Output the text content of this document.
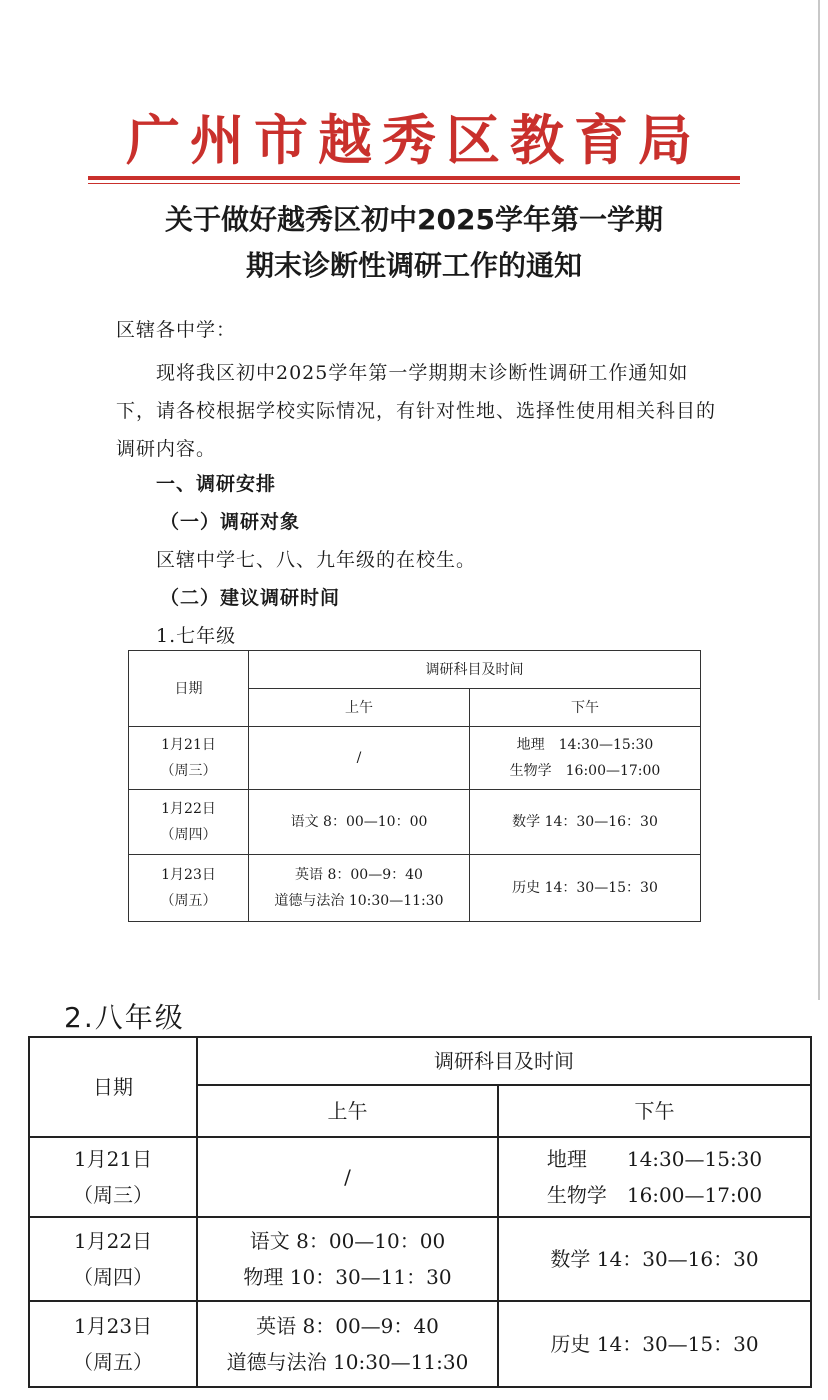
广州市越秀区教育局
关于做好越秀区初中2025学年第一学期
期末诊断性调研工作的通知
区辖各中学：
现将我区初中2025学年第一学期期末诊断性调研工作通知如下，请各校根据学校实际情况，有针对性地、选择性使用相关科目的调研内容。
一、调研安排
（一）调研对象
区辖中学七、八、九年级的在校生。
（二）建议调研时间
1.七年级
日期	调研科目及时间	
	上午	下午

1月21日
（周三）	/	地理　14:30—15:30
生物学　16:00—17:00

1月22日
（周四）	语文 8：00—10：00	数学 14：30—16：30

1月23日
（周五）	英语 8：00—9：40
道德与法治 10:30—11:30	历史 14：30—15：30
2.八年级
日期	调研科目及时间	
	上午	下午

1月21日
（周三）	/	地理　　14:30—15:30
生物学　16:00—17:00

1月22日
（周四）	语文 8：00—10：00
物理 10：30—11：30	数学 14：30—16：30

1月23日
（周五）	英语 8：00—9：40
道德与法治 10:30—11:30	历史 14：30—15：30
